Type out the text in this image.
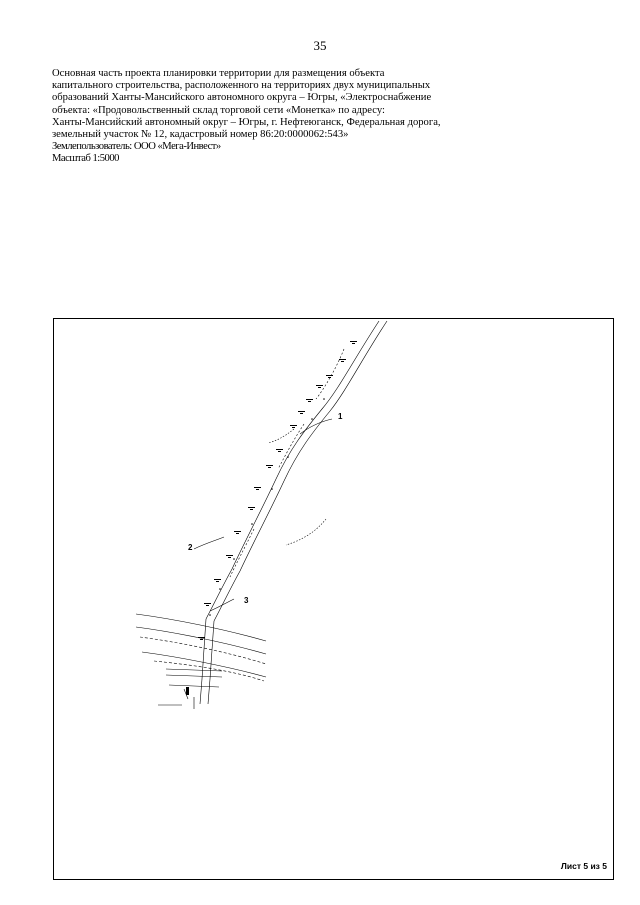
35
Основная часть проекта планировки территории для размещения объекта
капитального строительства, расположенного на территориях двух муниципальных
образований Ханты-Мансийского автономного округа – Югры, «Электроснабжение
объекта: «Продовольственный склад торговой сети «Монетка» по адресу:
Ханты-Мансийский автономный округ – Югры, г. Нефтеюганск, Федеральная дорога,
земельный участок № 12, кадастровый номер 86:20:0000062:543»
Землепользователь: ООО «Мега-Инвест»
Масштаб 1:5000
1
2
3
Лист 5 из 5
